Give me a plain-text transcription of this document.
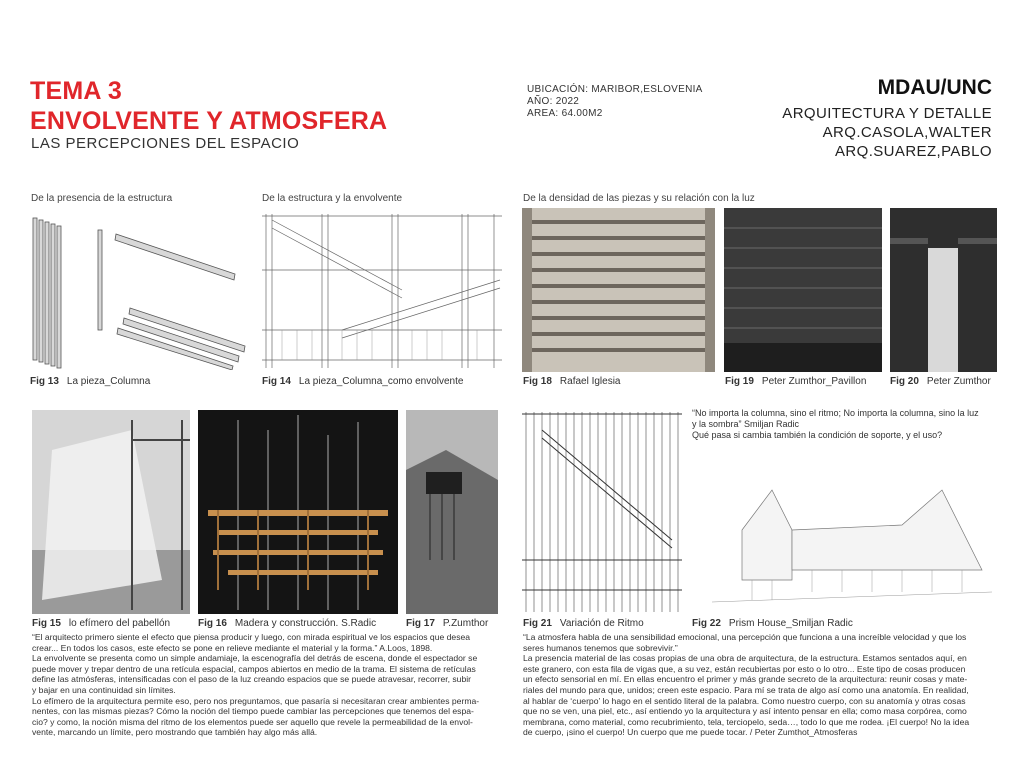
TEMA 3
ENVOLVENTE Y ATMOSFERA
LAS PERCEPCIONES DEL ESPACIO
UBICACIÓN: MARIBOR,ESLOVENIA
AÑO: 2022
AREA: 64.00M2
MDAU/UNC
ARQUITECTURA Y DETALLE
ARQ.CASOLA,WALTER
ARQ.SUAREZ,PABLO
De la presencia de la estructura	De la estructura y la envolvente	De la densidad de las piezas y su relación con la luz
Fig 13 La pieza_Columna	Fig 14 La pieza_Columna_como envolvente	Fig 18 Rafael Iglesia	Fig 19 Peter Zumthor_Pavillon Fig 20 Peter Zumthor
“No importa la columna, sino el ritmo; No importa la columna, sino la luz
y la sombra” Smiljan Radic
Qué pasa si cambia también la condición de soporte, y el uso?
Fig 15 lo efímero del pabellón	Fig 16 Madera y construcción. S.Radic	Fig 17 P.Zumthor	Fig 21 Variación de Ritmo	Fig 22 Prism House_Smiljan Radic

“El arquitecto primero siente el efecto que piensa producir y luego, con mirada espiritual ve los espacios que desea

crear... En todos los casos, este efecto se pone en relieve mediante el material y la forma.” A.Loos, 1898.

La envolvente se presenta como un simple andamiaje, la escenografía del detrás de escena, donde el espectador se

puede mover y trepar dentro de una retícula espacial, campos abiertos en medio de la trama. El sistema de retículas

define las atmósferas, intensificadas con el paso de la luz creando espacios que se puede atravesar, recorrer, subir

y bajar en una continuidad sin límites.

Lo efímero de la arquitectura permite eso, pero nos preguntamos, que pasaría si necesitaran crear ambientes perma-

nentes, con las mismas piezas? Cómo la noción del tiempo puede cambiar las percepciones que tenemos del espa-

cio? y como, la noción misma del ritmo de los elementos puede ser aquello que revele la permeabilidad de la envol-

vente, marcando un límite, pero mostrando que también hay algo más allá.

“La atmosfera habla de una sensibilidad emocional, una percepción que funciona a una increíble velocidad y que los

seres humanos tenemos que sobrevivir.”

La presencia material de las cosas propias de una obra de arquitectura, de la estructura. Estamos sentados aquí, en

este granero, con esta fila de vigas que, a su vez, están recubiertas por esto o lo otro... Este tipo de cosas producen

un efecto sensorial en mí. En ellas encuentro el primer y más grande secreto de la arquitectura: reunir cosas y mate-

riales del mundo para que, unidos; creen este espacio. Para mí se trata de algo así como una anatomía. En realidad,

al hablar de ‘cuerpo’ lo hago en el sentido literal de la palabra. Como nuestro cuerpo, con su anatomía y otras cosas

que no se ven, una piel, etc., así entiendo yo la arquitectura y así intento pensar en ella; como masa corpórea, como

membrana, como material, como recubrimiento, tela, terciopelo, seda…, todo lo que me rodea. ¡El cuerpo! No la idea

de cuerpo, ¡sino el cuerpo! Un cuerpo que me puede tocar. / Peter Zumthot_Atmosferas
